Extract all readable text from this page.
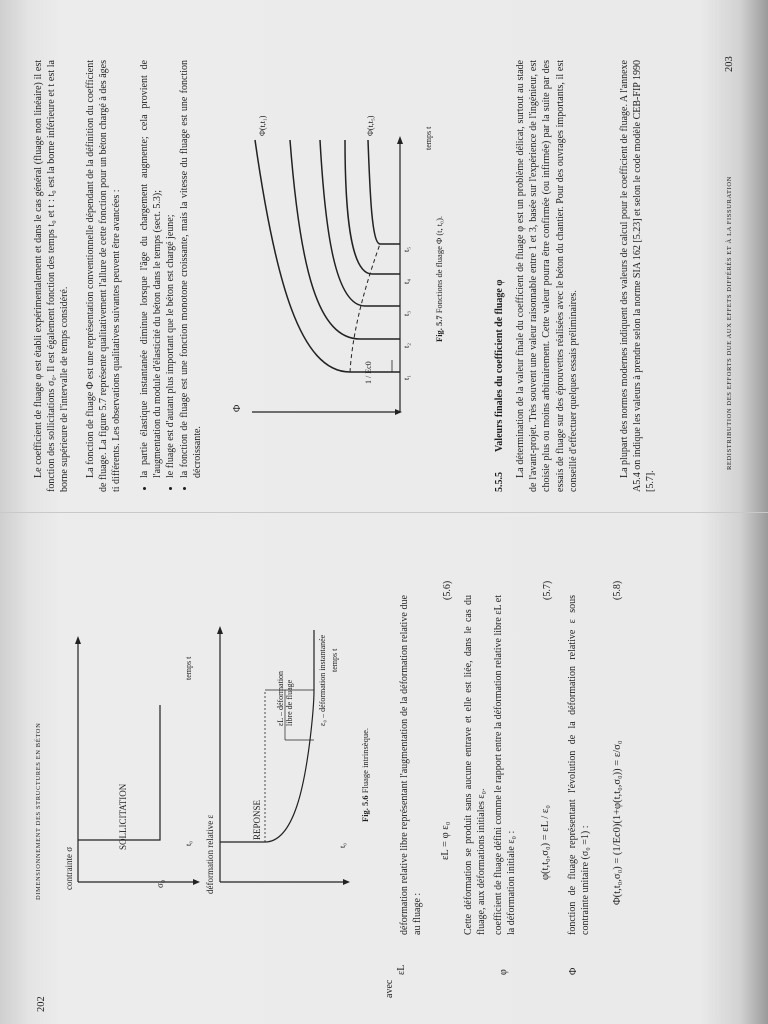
202
DIMENSIONNEMENT DES STRUCTURES EN BÉTON contrainte σ
SOLLICITATION
σ₀
t₀
temps t
déformation relative ε	REPONSE
εL – déformation libre de fluage	ε₀ – déformation instantanée
t₀
temps t
Fig. 5.6 Fluage intrinsèque.
avec
εL

déformation relative libre représentant l'augmentation de la déformation relative due au fluage :

εL = φ ε₀
(5.6)

Cette déformation se produit sans aucune entrave et elle est liée, dans le cas du fluage, aux déformations initiales ε₀.

φ

coefficient de fluage défini comme le rapport entre la déformation relative libre εL et la déformation initiale ε₀ : φ(t,t₀,σ₀) = εL / ε₀
(5.7)
Φ

fonction de fluage représentant l'évolution de la déformation relative ε sous contrainte unitaire (σ₀ =1) : Φ(t,t₀,σ₀) = (1/Ec0)(1+φ(t,t₀,σ₀)) = ε/σ₀
(5.8)
203
REDISTRIBUTION DES EFFORTS DUE AUX EFFETS DIFFÉRÉS ET À LA FISSURATION

Le coefficient de fluage φ est établi expérimentalement et dans le cas général (fluage non linéaire) il est fonction des sollicitations σ₀. Il est également fonction des temps t₀ et t : t₀ est la borne inférieure et t est la borne supérieure de l'intervalle de temps considéré. La fonction de fluage Φ est une représentation conventionnelle dépendant de la définition du coefficient de fluage. La figure 5.7 représente qualitativement l'allure de cette fonction pour un béton chargé à des âges ti différents. Les observations qualitatives suivantes peuvent être avancées : • la partie élastique instantanée diminue lorsque l'âge du chargement augmente; cela provient de l'augmentation du module d'élasticité du béton dans le temps (sect. 5.3); • le fluage est d'autant plus important que le béton est chargé jeune; • la fonction de fluage est une fonction monotone croissante, mais la vitesse du fluage est une fonction décroissante.
Φ
Φ(t,t₁)	Φ(t,t₅)
temps t
1 / Ec0	t₁
t₂
t₃
t₄
t₅
Fig. 5.7 Fonctions de fluage Φ (t, t₀).
5.5.5
Valeurs finales du coefficient de fluage φ La détermination de la valeur finale du coefficient de fluage φ est un problème délicat, surtout au stade de l'avant-projet. Très souvent une valeur raisonnable entre 1 et 3, basée sur l'expérience de l'ingénieur, est choisie plus ou moins arbitrairement. Cette valeur pourra être confirmée (ou infirmée) par la suite par des essais de fluage sur des éprouvettes réalisées avec le béton du chantier. Pour des ouvrages importants, il est conseillé d'effectuer quelques essais préliminaires.	La plupart des normes modernes indiquent des valeurs de calcul pour le coefficient de fluage. A l'annexe A5.4 on indique les valeurs à prendre selon la norme SIA 162 [5.23] et selon le code modèle CEB-FIP 1990 [5.7].
